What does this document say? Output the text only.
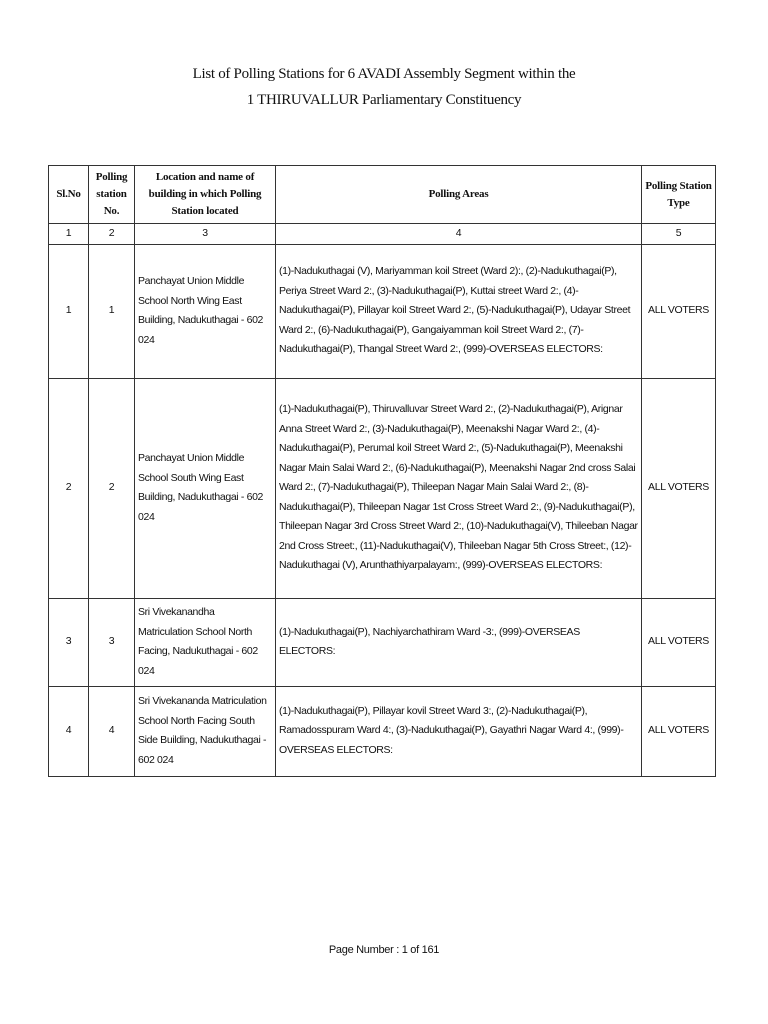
List of Polling Stations for 6 AVADI Assembly Segment within the
1 THIRUVALLUR Parliamentary Constituency
Sl.No	Polling station No.	Location and name of building in which Polling Station located	Polling Areas	Polling Station Type
1	2	3	4	5
1	1	Panchayat Union Middle School North Wing East Building, Nadukuthagai - 602 024	(1)-Nadukuthagai (V), Mariyamman koil Street (Ward 2):, (2)-Nadukuthagai(P), Periya Street Ward 2:, (3)-Nadukuthagai(P), Kuttai street Ward 2:, (4)-Nadukuthagai(P), Pillayar koil Street Ward 2:, (5)-Nadukuthagai(P), Udayar Street Ward 2:, (6)-Nadukuthagai(P), Gangaiyamman koil Street Ward 2:, (7)-Nadukuthagai(P), Thangal Street Ward 2:, (999)-OVERSEAS ELECTORS:	ALL VOTERS
2	2	Panchayat Union Middle School South Wing East Building, Nadukuthagai - 602 024	(1)-Nadukuthagai(P), Thiruvalluvar Street Ward 2:, (2)-Nadukuthagai(P), Arignar Anna Street Ward 2:, (3)-Nadukuthagai(P), Meenakshi Nagar Ward 2:, (4)-Nadukuthagai(P), Perumal koil Street Ward 2:, (5)-Nadukuthagai(P), Meenakshi Nagar Main Salai Ward 2:, (6)-Nadukuthagai(P), Meenakshi Nagar 2nd cross Salai Ward 2:, (7)-Nadukuthagai(P), Thileepan Nagar Main Salai Ward 2:, (8)-Nadukuthagai(P), Thileepan Nagar 1st Cross Street Ward 2:, (9)-Nadukuthagai(P), Thileepan Nagar 3rd Cross Street Ward 2:, (10)-Nadukuthagai(V), Thileeban Nagar 2nd Cross Street:, (11)-Nadukuthagai(V), Thileeban Nagar 5th Cross Street:, (12)-Nadukuthagai (V), Arunthathiyarpalayam:, (999)-OVERSEAS ELECTORS:	ALL VOTERS
3	3	Sri Vivekanandha Matriculation School North Facing, Nadukuthagai - 602 024	(1)-Nadukuthagai(P), Nachiyarchathiram Ward -3:, (999)-OVERSEAS ELECTORS:	ALL VOTERS
4	4	Sri Vivekananda Matriculation School North Facing South Side Building, Nadukuthagai - 602 024	(1)-Nadukuthagai(P), Pillayar kovil Street Ward 3:, (2)-Nadukuthagai(P), Ramadosspuram Ward 4:, (3)-Nadukuthagai(P), Gayathri Nagar Ward 4:, (999)-OVERSEAS ELECTORS:	ALL VOTERS
Page Number : 1 of 161
